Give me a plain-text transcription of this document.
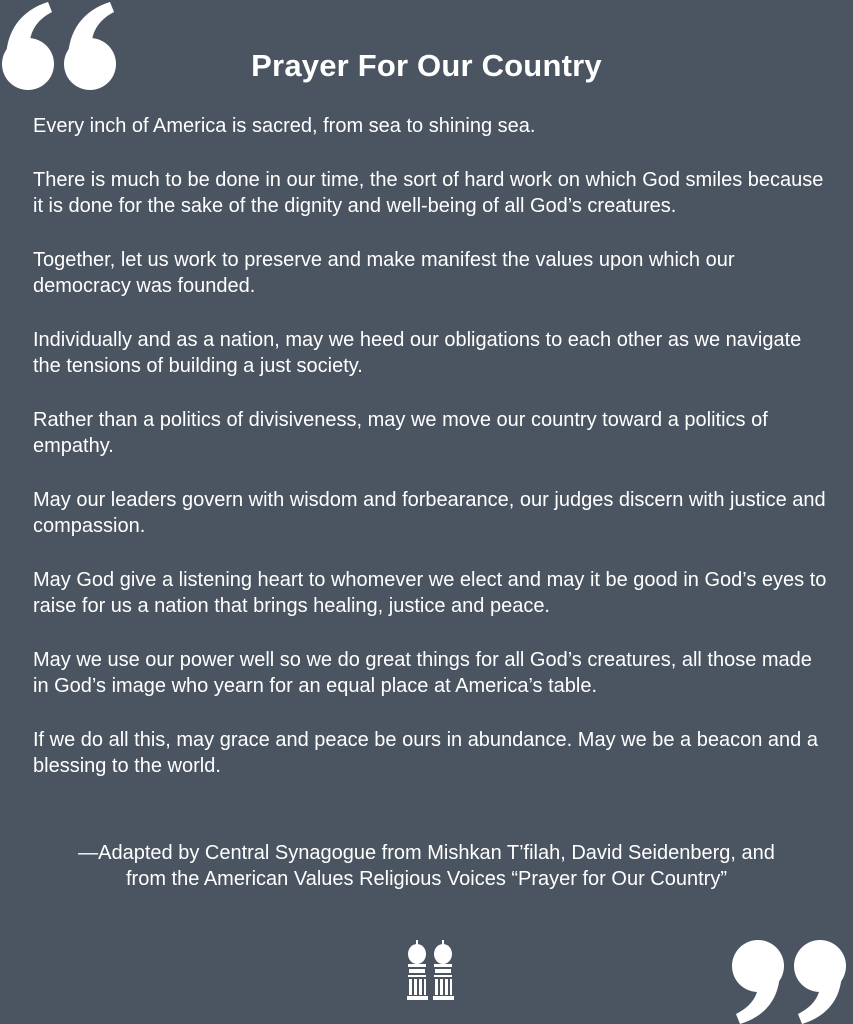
Prayer For Our Country

Every inch of America is sacred, from sea to shining sea.

There is much to be done in our time, the sort of hard work on which God smiles because it is done for the sake of the dignity and well-being of all God’s creatures.

Together, let us work to preserve and make manifest the values upon which our democracy was founded.

Individually and as a nation, may we heed our obligations to each other as we navigate the tensions of building a just society.

Rather than a politics of divisiveness, may we move our country toward a politics of empathy.

May our leaders govern with wisdom and forbearance, our judges discern with justice and compassion.

May God give a listening heart to whomever we elect and may it be good in God’s eyes to raise for us a nation that brings healing, justice and peace.

May we use our power well so we do great things for all God’s creatures, all those made in God’s image who yearn for an equal place at America’s table.

If we do all this, may grace and peace be ours in abundance. May we be a beacon and a blessing to the world.

—Adapted by Central Synagogue from Mishkan T’filah, David Seidenberg, and
from the American Values Religious Voices “Prayer for Our Country”
